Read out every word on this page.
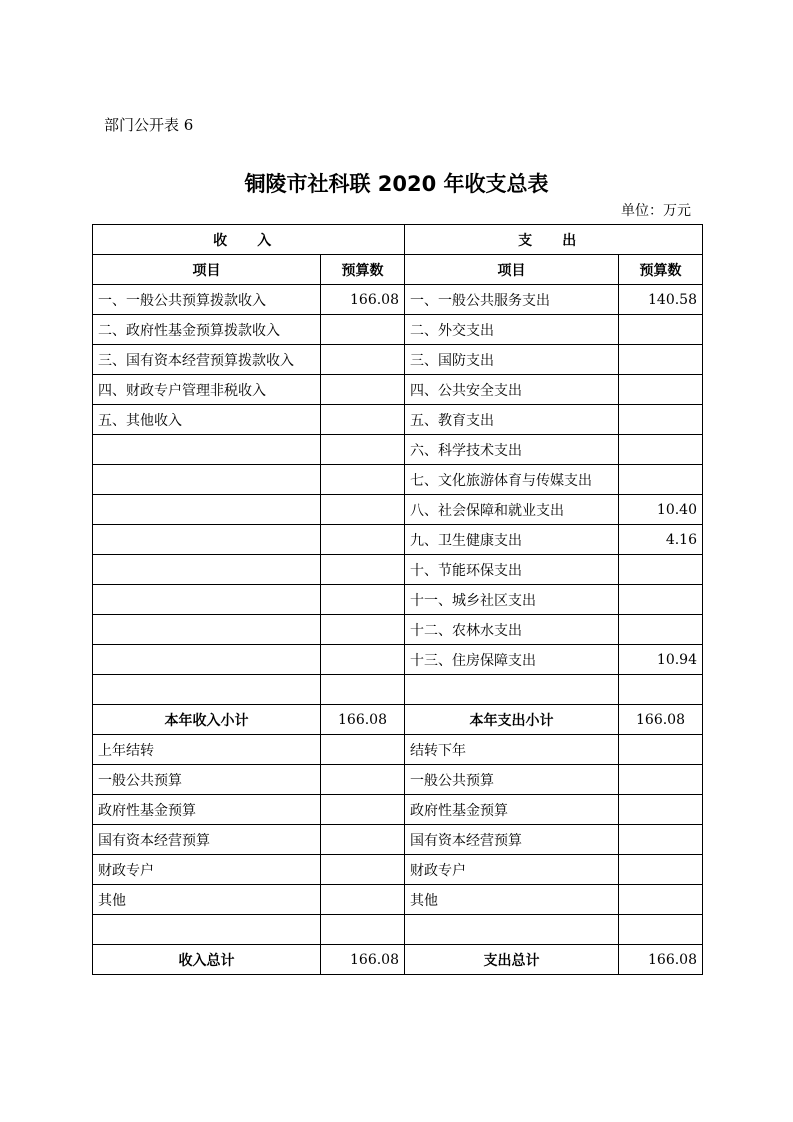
部门公开表 6
铜陵市社科联 2020 年收支总表
单位：万元
收 入		支 出	
项目	预算数	项目	预算数
一、一般公共预算拨款收入	166.08	一、一般公共服务支出	140.58
二、政府性基金预算拨款收入		二、外交支出	
三、国有资本经营预算拨款收入		三、国防支出	
四、财政专户管理非税收入		四、公共安全支出	
五、其他收入		五、教育支出	
		六、科学技术支出	
		七、文化旅游体育与传媒支出	
		八、社会保障和就业支出	10.40
		九、卫生健康支出	4.16
		十、节能环保支出	
		十一、城乡社区支出	
		十二、农林水支出	
		十三、住房保障支出	10.94

本年收入小计	166.08	本年支出小计	166.08
上年结转		结转下年	
一般公共预算		一般公共预算	
政府性基金预算		政府性基金预算	
国有资本经营预算		国有资本经营预算	
财政专户		财政专户	
其他		其他	

收入总计	166.08	支出总计	166.08
